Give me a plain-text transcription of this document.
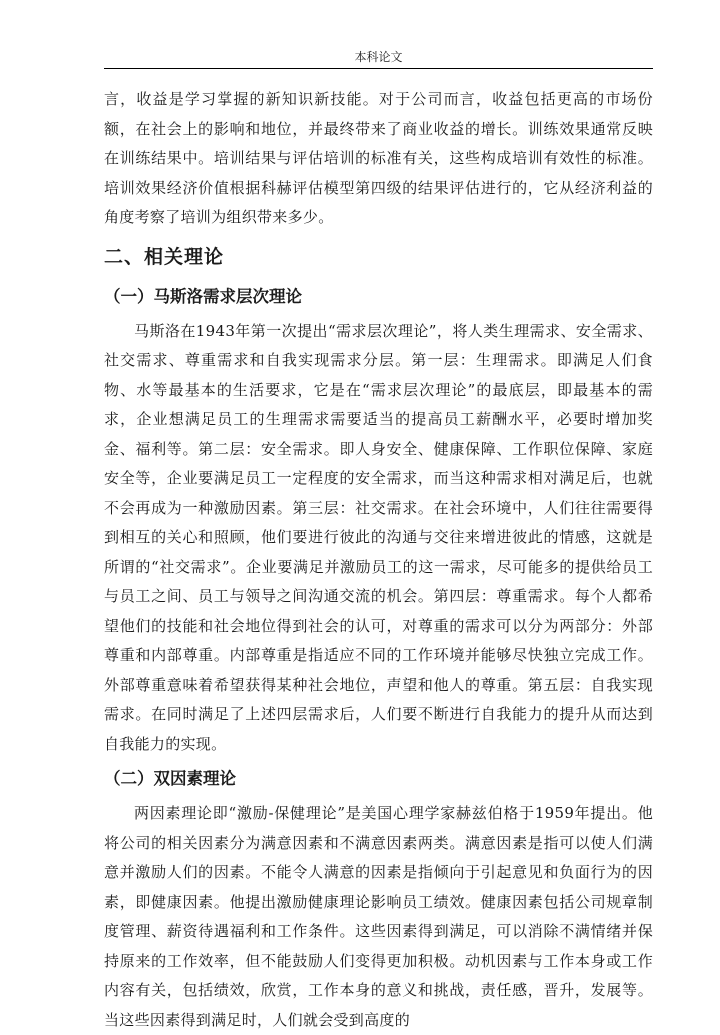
本科论文

言，收益是学习掌握的新知识新技能。对于公司而言，收益包括更高的市场份额，在社会上的影响和地位，并最终带来了商业收益的增长。训练效果通常反映在训练结果中。培训结果与评估培训的标准有关，这些构成培训有效性的标准。培训效果经济价值根据科赫评估模型第四级的结果评估进行的，它从经济利益的角度考察了培训为组织带来多少。

二、相关理论
（一）马斯洛需求层次理论

马斯洛在1943年第一次提出“需求层次理论”，将人类生理需求、安全需求、社交需求、尊重需求和自我实现需求分层。第一层：生理需求。即满足人们食物、水等最基本的生活要求，它是在“需求层次理论”的最底层，即最基本的需求，企业想满足员工的生理需求需要适当的提高员工薪酬水平，必要时增加奖金、福利等。第二层：安全需求。即人身安全、健康保障、工作职位保障、家庭安全等，企业要满足员工一定程度的安全需求，而当这种需求相对满足后，也就不会再成为一种激励因素。第三层：社交需求。在社会环境中，人们往往需要得到相互的关心和照顾，他们要进行彼此的沟通与交往来增进彼此的情感，这就是所谓的“社交需求”。企业要满足并激励员工的这一需求，尽可能多的提供给员工与员工之间、员工与领导之间沟通交流的机会。第四层：尊重需求。每个人都希望他们的技能和社会地位得到社会的认可，对尊重的需求可以分为两部分：外部尊重和内部尊重。内部尊重是指适应不同的工作环境并能够尽快独立完成工作。外部尊重意味着希望获得某种社会地位，声望和他人的尊重。第五层：自我实现需求。在同时满足了上述四层需求后，人们要不断进行自我能力的提升从而达到自我能力的实现。

（二）双因素理论

两因素理论即“激励-保健理论”是美国心理学家赫兹伯格于1959年提出。他将公司的相关因素分为满意因素和不满意因素两类。满意因素是指可以使人们满意并激励人们的因素。不能令人满意的因素是指倾向于引起意见和负面行为的因素，即健康因素。他提出激励健康理论影响员工绩效。健康因素包括公司规章制度管理、薪资待遇福利和工作条件。这些因素得到满足，可以消除不满情绪并保持原来的工作效率，但不能鼓励人们变得更加积极。动机因素与工作本身或工作内容有关，包括绩效，欣赏，工作本身的意义和挑战，责任感，晋升，发展等。当这些因素得到满足时，人们就会受到高度的
